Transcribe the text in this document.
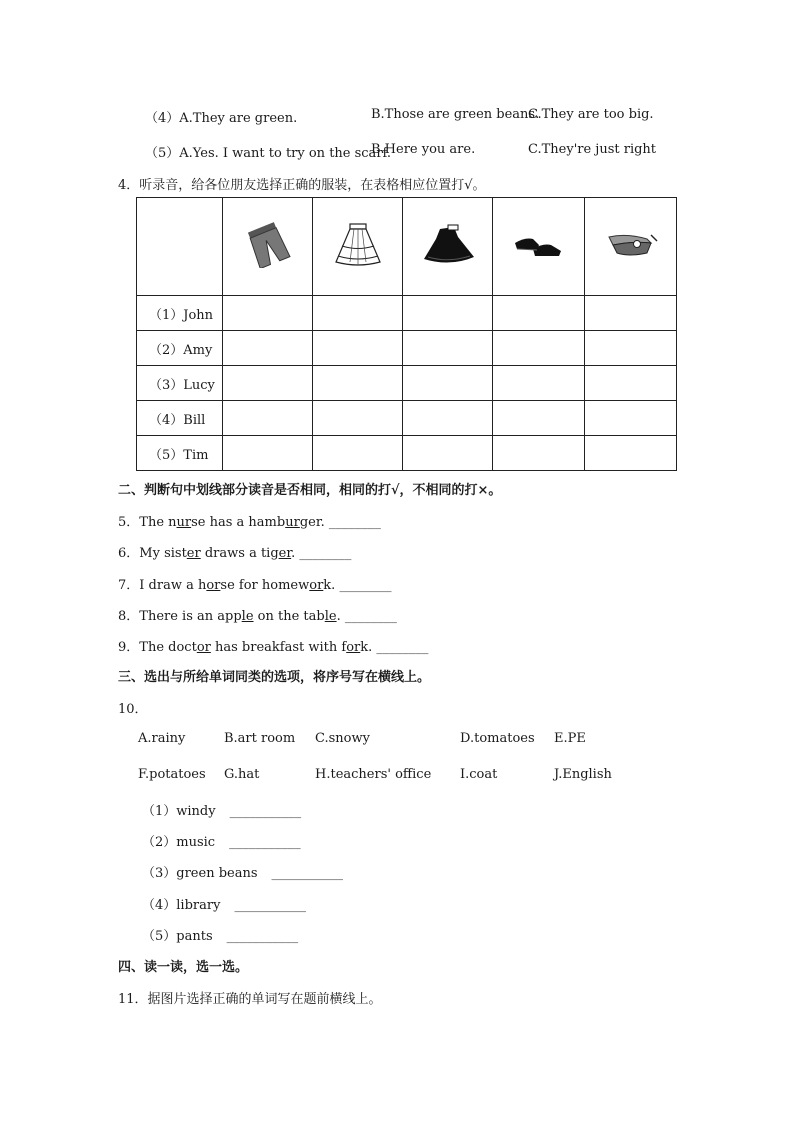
（4）A.They are green.	B.Those are green beans.
C.They are too big.
（5）A.Yes. I want to try on the scarf.
B.Here you are.	C.They're just right
4．听录音，给各位朋友选择正确的服装，在表格相应位置打√。

（1）John					
（2）Amy					
（3）Lucy					
（4）Bill					
（5）Tim					
二、判断句中划线部分读音是否相同，相同的打√，不相同的打×。
5．The nurse has a hamburger. ________
6．My sister draws a tiger. ________
7．I draw a horse for homework. ________
8．There is an apple on the table. ________
9．The doctor has breakfast with fork. ________
三、选出与所给单词同类的选项，将序号写在横线上。
10．
A.rainy	B.art room C.snowy	D.tomatoes E.PE
F.potatoes G.hat	H.teachers' office I.coat	J.English
（1）windy ___________
（2）music ___________
（3）green beans ___________
（4）library ___________
（5）pants ___________
四、读一读，选一选。
11．据图片选择正确的单词写在题前横线上。
